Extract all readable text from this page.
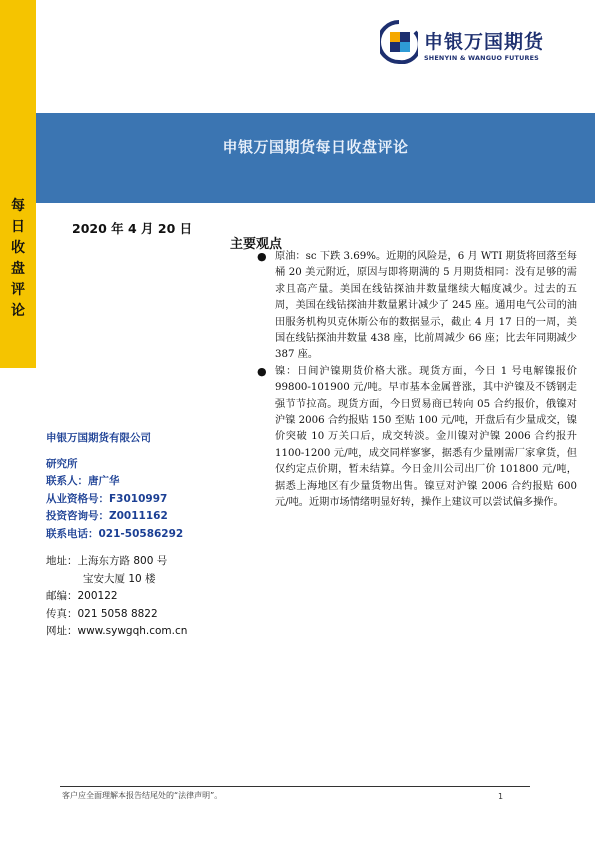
每
日
收
盘
评
论
申银万国期货
SHENYIN & WANGUO FUTURES
申银万国期货每日收盘评论
2020 年 4 月 20 日
主要观点
申银万国期货有限公司
研究所
联系人：唐广华
从业资格号：F3010997
投资咨询号：Z0011162
联系电话：021-50586292
地址：上海东方路 800 号
宝安大厦 10 楼
邮编：200122
传真：021 5058 8822
网址：www.sywgqh.com.cn
● 原油：sc 下跌 3.69%。近期的风险是，6 月 WTI 期货将回落至每桶 20 美元附近，原因与即将期满的 5 月期货相同：没有足够的需求且高产量。美国在线钻探油井数量继续大幅度减少。过去的五周，美国在线钻探油井数量累计减少了 245 座。通用电气公司的油田服务机构贝克休斯公布的数据显示，截止 4 月 17 日的一周，美国在线钻探油井数量 438 座，比前周减少 66 座；比去年同期减少 387 座。
● 镍：日间沪镍期货价格大涨。现货方面，今日 1 号电解镍报价 99800-101900 元/吨。早市基本金属普涨，其中沪镍及不锈钢走强节节拉高。现货方面，今日贸易商已转向 05 合约报价，俄镍对沪镍 2006 合约报贴 150 至贴 100 元/吨，开盘后有少量成交，镍价突破 10 万关口后，成交转淡。金川镍对沪镍 2006 合约报升 1100-1200 元/吨，成交同样寥寥，据悉有少量刚需厂家拿货，但仅约定点价期，暂未结算。今日金川公司出厂价 101800 元/吨，据悉上海地区有少量货物出售。镍豆对沪镍 2006 合约报贴 600 元/吨。近期市场情绪明显好转，操作上建议可以尝试偏多操作。
客户应全面理解本报告结尾处的“法律声明”。	1
